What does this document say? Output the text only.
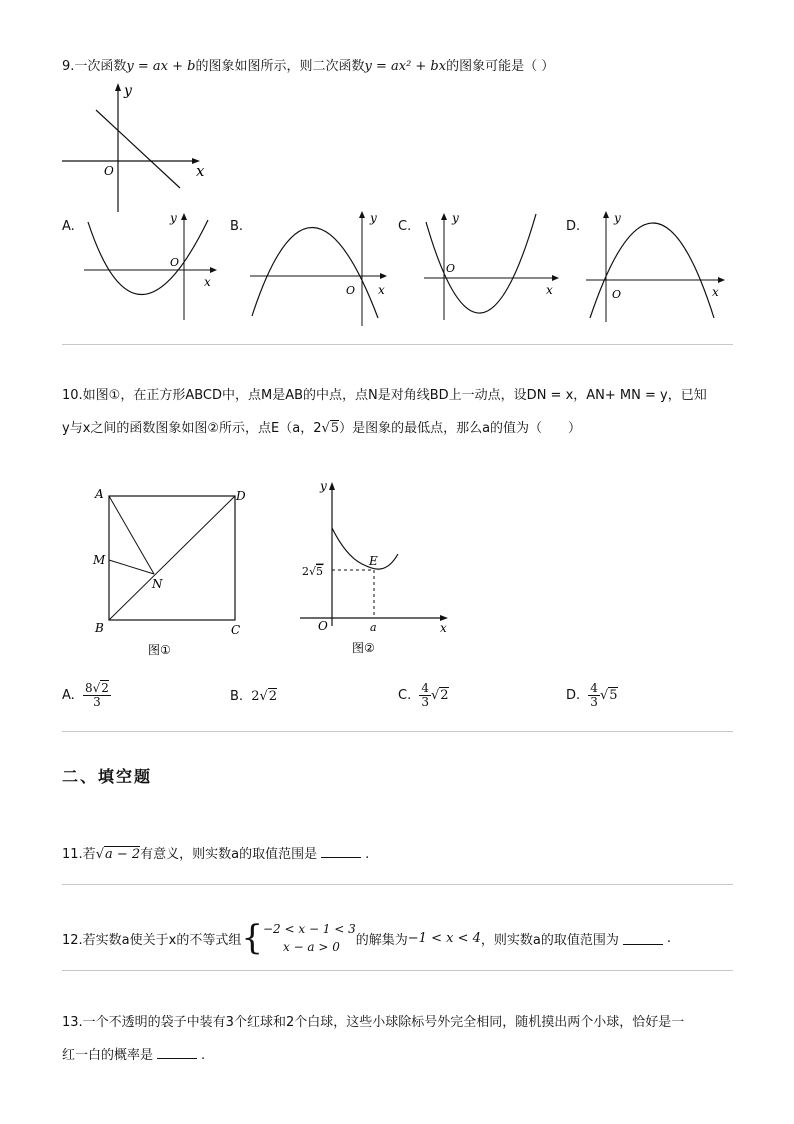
9.一次函数y = ax + b的图象如图所示，则二次函数y = ax² + bx的图象可能是（ ）
y
x
O
A.
y
x
O
B.
y
x
O
C.
y
x
O
D.
y
x
O
10.如图①，在正方形ABCD中，点M是AB的中点，点N是对角线BD上一动点，设DN = x，AN+ MN = y，已知
y与x之间的函数图象如图②所示，点E（a，2√5）是图象的最低点，那么a的值为（　　）
A
B	C
D
M
N
图①
y
x
O
E
a
2√5
图②
A. $\frac{8√2}{3}$	B. 2√2	C. $\frac{4}{3} √2$	D. $\frac{4}{3} √5$
二、填空题
11.若√a − 2有意义，则实数a的取值范围是	.
12.若实数a使关于x的不等式组 { −2 < x − 1 < 3
x − a > 0	的解集为 −1 < x < 4 ，则实数a的取值范围为	.
13.一个不透明的袋子中装有3个红球和2个白球，这些小球除标号外完全相同，随机摸出两个小球，恰好是一
红一白的概率是	.
